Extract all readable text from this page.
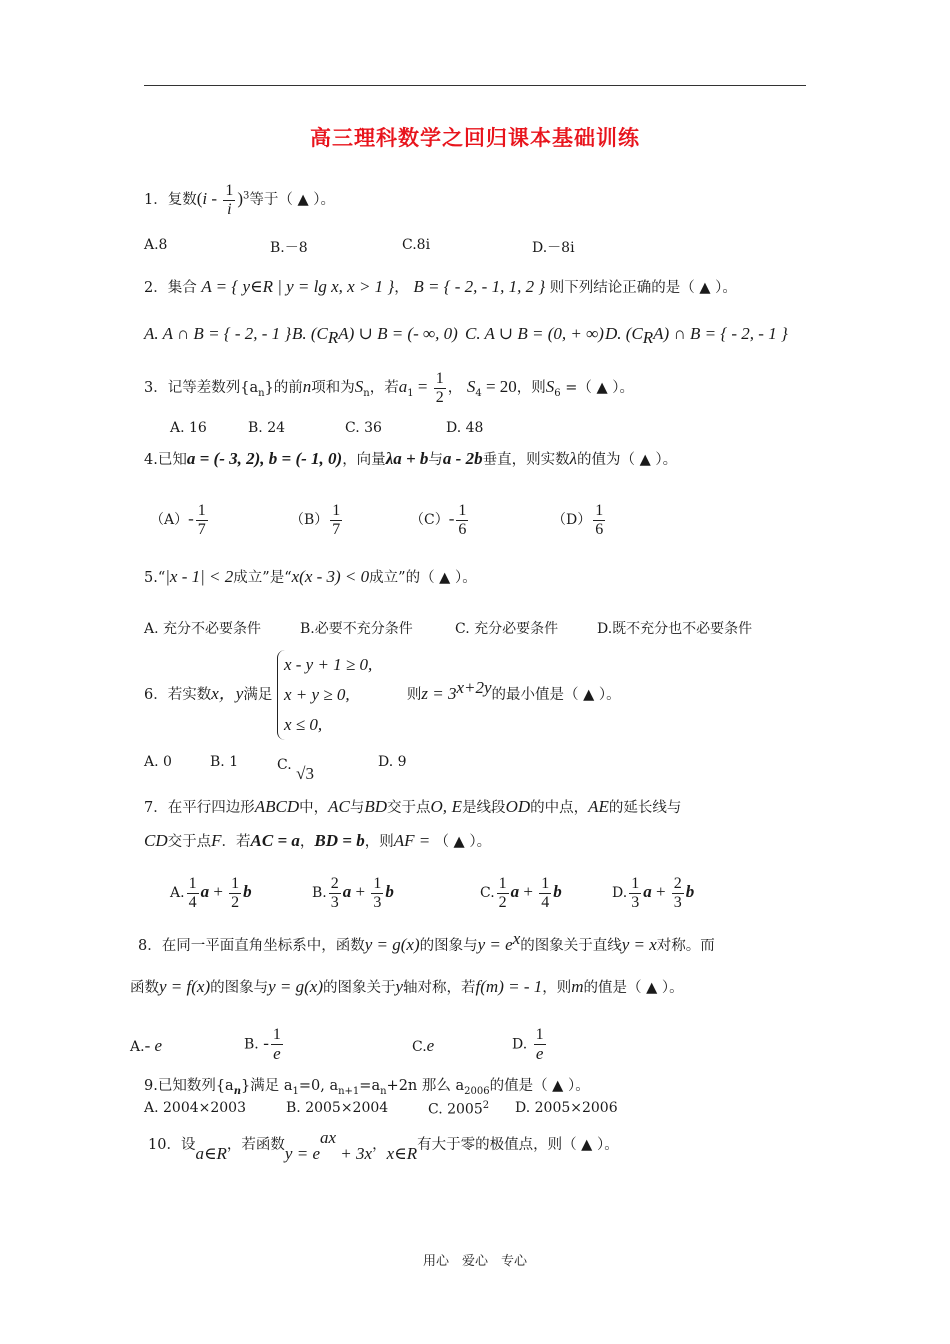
高三理科数学之回归课本基础训练
1．复数$(i - \frac{1}{i} )^3$等于（ ▲ ）。
A.8	B.－8	C.8i	D.－8i
2．集合 A = { y∈R | y = lg x, x > 1 }， B = { - 2, - 1, 1, 2 } 则下列结论正确的是（ ▲ ）。
A. A ∩ B = { - 2, - 1 } B. $(C_RA)$ ∪ B = (- ∞, 0) C. A ∪ B = (0, + ∞) D. $(C_RA)$ ∩ B = { - 2, - 1 }
3．记等差数列$\{a_n\}$的前n项和为$S_n$，若$a_1 = \frac{1}{2}$ ， $S_4 = 20$，则$S_6$ =（ ▲ ）。
A. 16	B. 24	C. 36	D. 48
4.已知a = (- 3, 2), b = (- 1, 0)，向量λa + b与a - 2b垂直，则实数λ的值为（ ▲ ）。
$(A)- \frac{1}{7}$	$(B) \frac{1}{7}$	$(C)- \frac{1}{6}$	$(D) \frac{1}{6}$
5.“|x - 1| < 2成立”是“x(x - 3) < 0成立”的（ ▲ ）。
A. 充分不必要条件	B.必要不充分条件	C. 充分必要条件	D.既不充分也不必要条件
6．若实数x，y满足 x - y + 1 ≥ 0,
x + y ≥ 0,
x ≤ 0, 则$z = 3^{x+2y}$的最小值是（ ▲ ）。
A. 0	B. 1	C. √3
D. 9
7．在平行四边形ABCD中，AC与BD交于点O, E是线段OD的中点，AE的延长线与
CD交于点F．若AC = a，BD = b，则AF = （ ▲ ）。
A. $\frac{1}{4}$ $a + \frac{1}{2}$ b	B. $\frac{2}{3}$ $a + \frac{1}{3}$ b	C. $\frac{1}{2}$ $a + \frac{1}{4}$ b	D. $\frac{1}{3}$ $a + \frac{2}{3}$ b
8．在同一平面直角坐标系中，函数y = g(x)的图象与$y = e^x$的图象关于直线y = x对称。而
函数y = f(x)的图象与y = g(x)的图象关于y轴对称，若f(m) = - 1，则m的值是（ ▲ ）。
A.- e	B. - $\frac{1}{e}$	C.e	D. $\frac{1}{e}$
9.已知数列$\{a_n\}$满足 $a_1=0$, $a_{n+1}=a_n+2n$ 那么 $a_{2006}$的值是（ ▲ ）。
A. 2004×2003	B. 2005×2004	C. 2005$^2$ D. 2005×2006
10．设a∈R，若函数$y = e^{ax} + 3x$，x∈R有大于零的极值点，则（ ▲ ）。
用心　爱心　专心
